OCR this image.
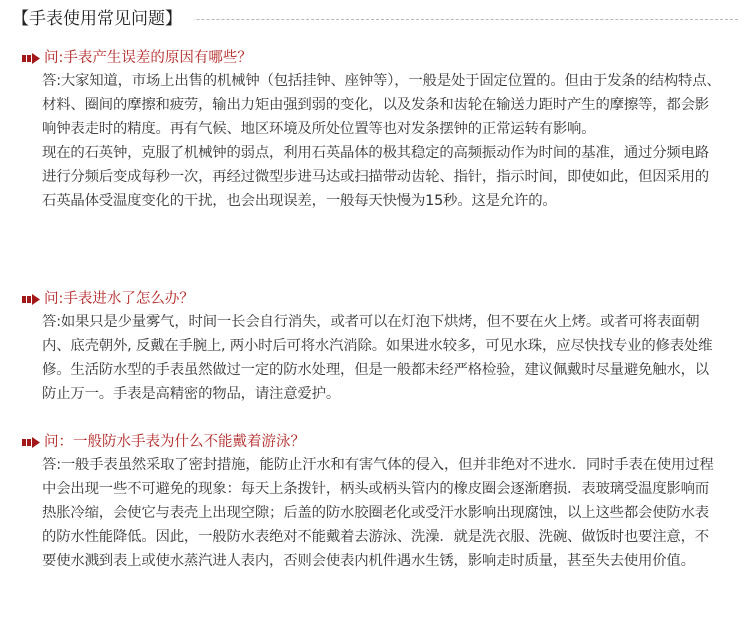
【手表使用常见问题】
问:手表产生误差的原因有哪些？

答:大家知道，市场上出售的机械钟（包括挂钟、座钟等），一般是处于固定位置的。但由于发条的结构特点、材料、圈间的摩擦和疲劳，输出力矩由强到弱的变化，以及发条和齿轮在输送力距时产生的摩擦等，都会影响钟表走时的精度。再有气候、地区环境及所处位置等也对发条摆钟的正常运转有影响。

现在的石英钟，克服了机械钟的弱点，利用石英晶体的极其稳定的高频振动作为时间的基准，通过分频电路进行分频后变成每秒一次，再经过微型步进马达或扫描带动齿轮、指针，指示时间，即使如此，但因采用的石英晶体受温度变化的干扰，也会出现误差，一般每天快慢为15秒。这是允许的。

问:手表进水了怎么办？

答:如果只是少量雾气，时间一长会自行消失，或者可以在灯泡下烘烤，但不要在火上烤。或者可将表面朝内、底壳朝外, 反戴在手腕上, 两小时后可将水汽消除。如果进水较多，可见水珠，应尽快找专业的修表处维修。生活防水型的手表虽然做过一定的防水处理，但是一般都未经严格检验，建议佩戴时尽量避免触水，以防止万一。手表是高精密的物品，请注意爱护。

问：一般防水手表为什么不能戴着游泳？

答:一般手表虽然采取了密封措施，能防止汗水和有害气体的侵入，但并非绝对不进水．同时手表在使用过程中会出现一些不可避免的现象：每天上条拨针，柄头或柄头管内的橡皮圈会逐渐磨损．表玻璃受温度影响而热胀冷缩，会使它与表壳上出现空隙；后盖的防水胶圈老化或受汗水影响出现腐蚀，以上这些都会使防水表的防水性能降低。因此，一般防水表绝对不能戴着去游泳、洗澡．就是洗衣服、洗碗、做饭时也要注意，不要使水溅到表上或使水蒸汽进人表内，否则会使表内机件遇水生锈，影响走时质量，甚至失去使用价值。
